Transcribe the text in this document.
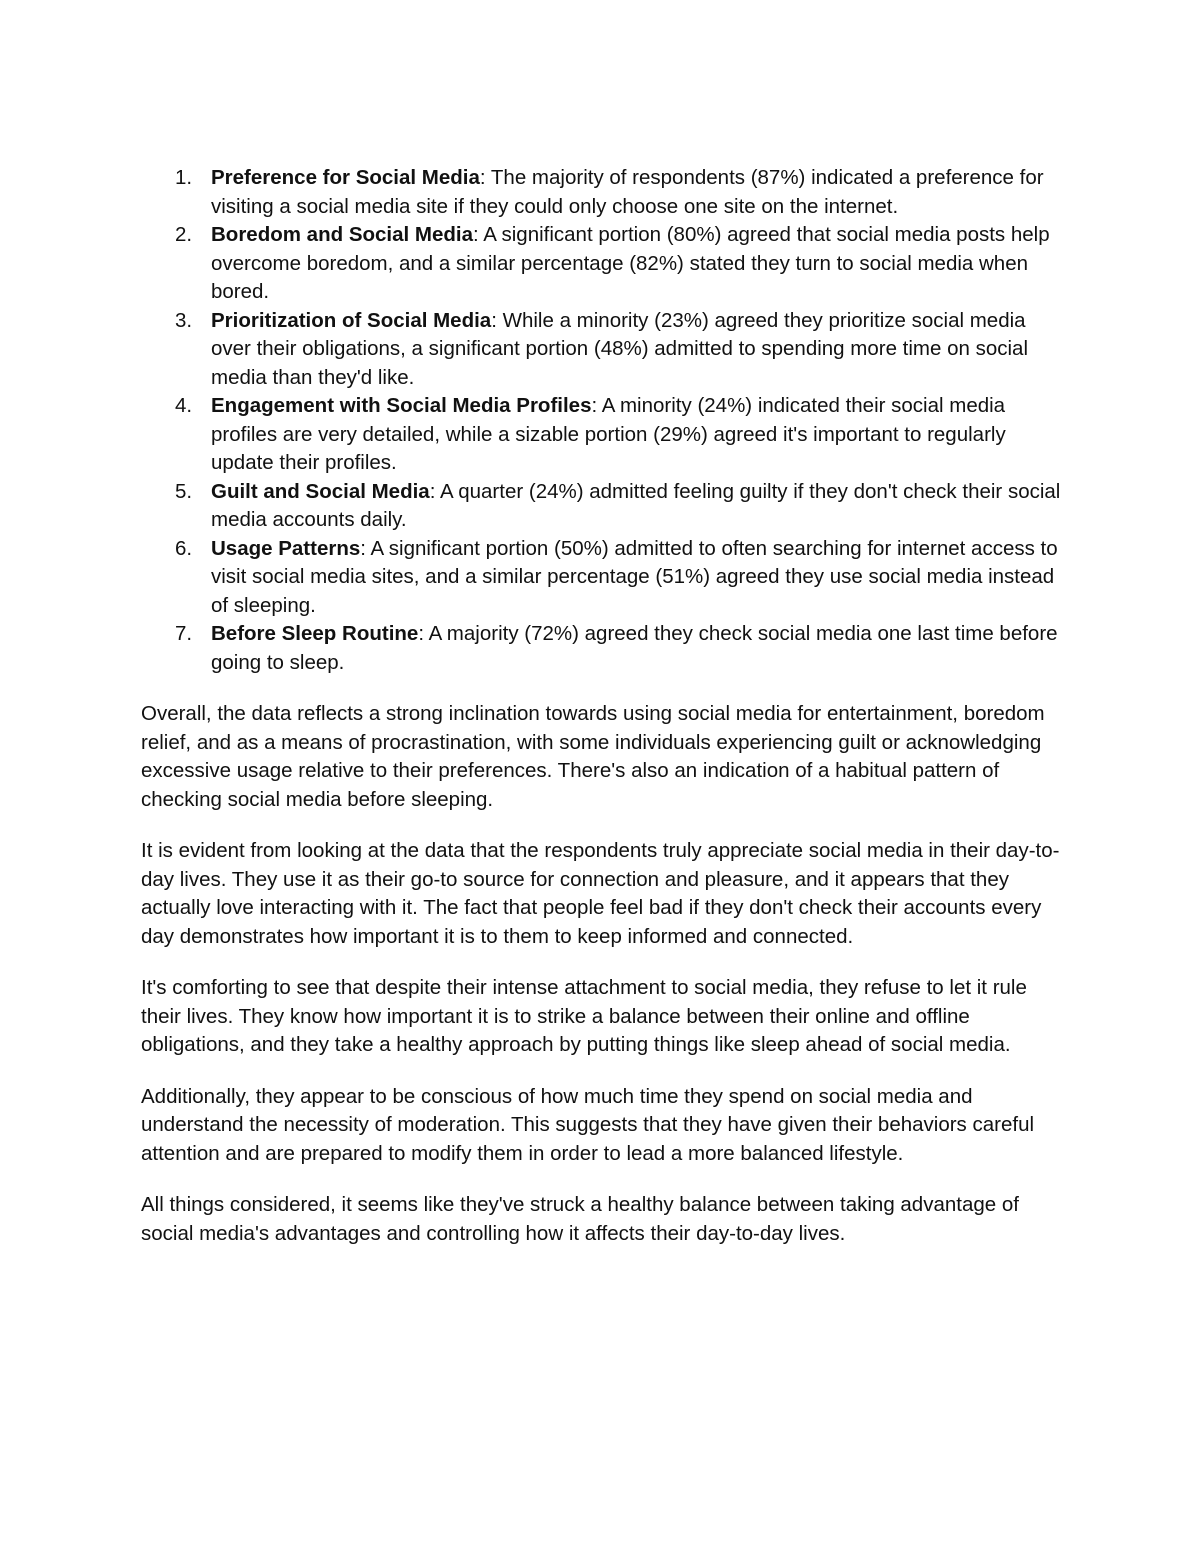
1. Preference for Social Media: The majority of respondents (87%) indicated a preference for visiting a social media site if they could only choose one site on the internet.
2. Boredom and Social Media: A significant portion (80%) agreed that social media posts help overcome boredom, and a similar percentage (82%) stated they turn to social media when bored.
3. Prioritization of Social Media: While a minority (23%) agreed they prioritize social media over their obligations, a significant portion (48%) admitted to spending more time on social media than they'd like.
4. Engagement with Social Media Profiles: A minority (24%) indicated their social media profiles are very detailed, while a sizable portion (29%) agreed it's important to regularly update their profiles.
5. Guilt and Social Media: A quarter (24%) admitted feeling guilty if they don't check their social media accounts daily.
6. Usage Patterns: A significant portion (50%) admitted to often searching for internet access to visit social media sites, and a similar percentage (51%) agreed they use social media instead of sleeping.
7. Before Sleep Routine: A majority (72%) agreed they check social media one last time before going to sleep.

Overall, the data reflects a strong inclination towards using social media for entertainment, boredom relief, and as a means of procrastination, with some individuals experiencing guilt or acknowledging excessive usage relative to their preferences. There's also an indication of a habitual pattern of checking social media before sleeping.

It is evident from looking at the data that the respondents truly appreciate social media in their day-to-day lives. They use it as their go-to source for connection and pleasure, and it appears that they actually love interacting with it. The fact that people feel bad if they don't check their accounts every day demonstrates how important it is to them to keep informed and connected.

It's comforting to see that despite their intense attachment to social media, they refuse to let it rule their lives. They know how important it is to strike a balance between their online and offline obligations, and they take a healthy approach by putting things like sleep ahead of social media.

Additionally, they appear to be conscious of how much time they spend on social media and understand the necessity of moderation. This suggests that they have given their behaviors careful attention and are prepared to modify them in order to lead a more balanced lifestyle.

All things considered, it seems like they've struck a healthy balance between taking advantage of social media's advantages and controlling how it affects their day-to-day lives.
